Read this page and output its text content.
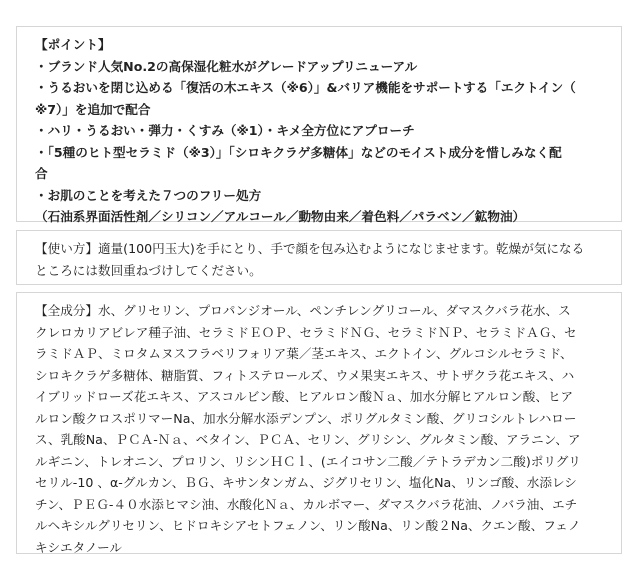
【ポイント】
・ブランド人気No.2の高保湿化粧水がグレードアップリニューアル
・うるおいを閉じ込める「復活の木エキス（※6）」&バリア機能をサポートする「エクトイン（
※7）」を追加で配合
・ハリ・うるおい・弾力・くすみ（※1）・キメ全方位にアプローチ
・「5種のヒト型セラミド（※3）」「シロキクラゲ多糖体」などのモイスト成分を惜しみなく配
合
・お肌のことを考えた７つのフリー処方
（石油系界面活性剤／シリコン／アルコール／動物由来／着色料／パラベン／鉱物油）
【使い方】適量(100円玉大)を手にとり、手で顔を包み込むようになじませます。乾燥が気になる
ところには数回重ねづけしてください。
【全成分】水、グリセリン、プロパンジオール、ペンチレングリコール、ダマスクバラ花水、ス
クレロカリアビレア種子油、セラミドＥＯＰ、セラミドＮＧ、セラミドＮＰ、セラミドＡＧ、セ
ラミドＡＰ、ミロタムヌスフラベリフォリア葉／茎エキス、エクトイン、グルコシルセラミド、
シロキクラゲ多糖体、糖脂質、フィトステロールズ、ウメ果実エキス、サトザクラ花エキス、ハ
イブリッドローズ花エキス、アスコルビン酸、ヒアルロン酸Ｎａ、加水分解ヒアルロン酸、ヒア
ルロン酸クロスポリマーNa、加水分解水添デンプン、ポリグルタミン酸、グリコシルトレハロー
ス、乳酸Na、ＰＣＡ-Ｎａ、ベタイン、ＰＣＡ、セリン、グリシン、グルタミン酸、アラニン、ア
ルギニン、トレオニン、プロリン、リシンＨＣｌ、(エイコサン二酸／テトラデカン二酸)ポリグリ
セリル-10 、α-グルカン、ＢＧ、キサンタンガム、ジグリセリン、塩化Na、リンゴ酸、水添レシ
チン、ＰＥＧ-４０水添ヒマシ油、水酸化Ｎａ、カルボマー、ダマスクバラ花油、ノバラ油、エチ
ルヘキシルグリセリン、ヒドロキシアセトフェノン、リン酸Na、リン酸２Na、クエン酸、フェノ
キシエタノール
